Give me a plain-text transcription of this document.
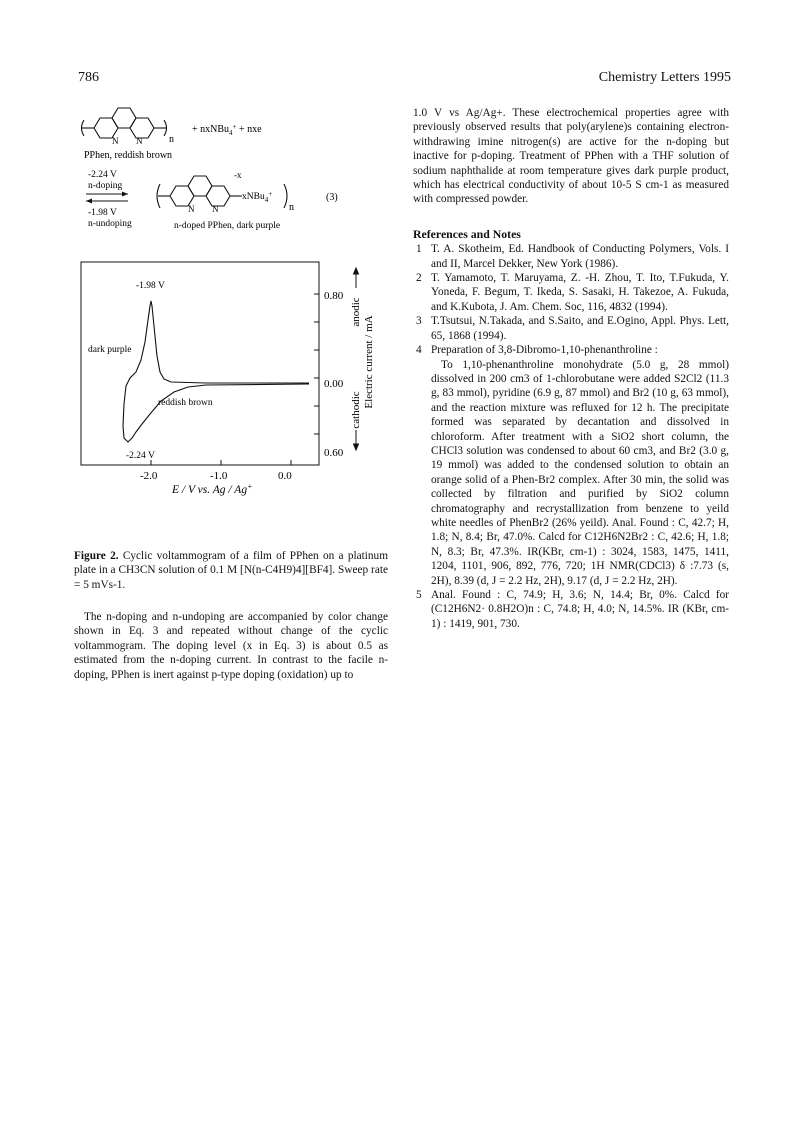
786	Chemistry Letters 1995
N N	n
+ nxNBu$_4$+ + nxe
PPhen, reddish brown
-2.24 V
n-doping
-1.98 V
n-undoping
N N
-x
xNBu$_4$+
n
(3)
n-doped PPhen, dark purple
-1.98 V
dark purple
reddish brown
-2.24 V
0.80
0.00
0.60
-2.0	-1.0	0.0
E / V vs. Ag / Ag+
Electric current / mA
cathodic
anodic
Figure 2. Cyclic voltammogram of a film of PPhen on a platinum plate in a CH3CN solution of 0.1 M [N(n-C4H9)4][BF4]. Sweep rate = 5 mVs-1.

The n-doping and n-undoping are accompanied by color change shown in Eq. 3 and repeated without change of the cyclic voltammogram. The doping level (x in Eq. 3) is about 0.5 as estimated from the n-doping current. In contrast to the facile n-doping, PPhen is inert against p-type doping (oxidation) up to

1.0 V vs Ag/Ag+. These electrochemical properties agree with previously observed results that poly(arylene)s containing electron-withdrawing imine nitrogen(s) are active for the n-doping but inactive for p-doping. Treatment of PPhen with a THF solution of sodium naphthalide at room temperature gives dark purple product, which has electrical conductivity of about 10-5 S cm-1 as measured with compressed powder.

References and Notes

1 T. A. Skotheim, Ed. Handbook of Conducting Polymers, Vols. I and II, Marcel Dekker, New York (1986).

2 T. Yamamoto, T. Maruyama, Z. -H. Zhou, T. Ito, T.Fukuda, Y. Yoneda, F. Begum, T. Ikeda, S. Sasaki, H. Takezoe, A. Fukuda, and K.Kubota, J. Am. Chem. Soc, 116, 4832 (1994).

3 T.Tsutsui, N.Takada, and S.Saito, and E.Ogino, Appl. Phys. Lett, 65, 1868 (1994).

4 Preparation of 3,8-Dibromo-1,10-phenanthroline :
To 1,10-phenanthroline monohydrate (5.0 g, 28 mmol) dissolved in 200 cm3 of 1-chlorobutane were added S2Cl2 (11.3 g, 83 mmol), pyridine (6.9 g, 87 mmol) and Br2 (10 g, 63 mmol), and the reaction mixture was refluxed for 12 h. The precipitate formed was separated by decantation and dissolved in chloroform. After treatment with a SiO2 short column, the CHCl3 solution was condensed to about 60 cm3, and Br2 (3.0 g, 19 mmol) was added to the condensed solution to obtain an orange solid of a Phen-Br2 complex. After 30 min, the solid was collected by filtration and purified by SiO2 column chromatography and recrystallization from benzene to yeild white needles of PhenBr2 (26% yeild). Anal. Found : C, 42.7; H, 1.8; N, 8.4; Br, 47.0%. Calcd for C12H6N2Br2 : C, 42.6; H, 1.8; N, 8.3; Br, 47.3%. IR(KBr, cm-1) : 3024, 1583, 1475, 1411, 1204, 1101, 906, 892, 776, 720; 1H NMR(CDCl3) δ :7.73 (s, 2H), 8.39 (d, J = 2.2 Hz, 2H), 9.17 (d, J = 2.2 Hz, 2H).

5 Anal. Found : C, 74.9; H, 3.6; N, 14.4; Br, 0%. Calcd for (C12H6N2· 0.8H2O)n : C, 74.8; H, 4.0; N, 14.5%. IR (KBr, cm-1) : 1419, 901, 730.
